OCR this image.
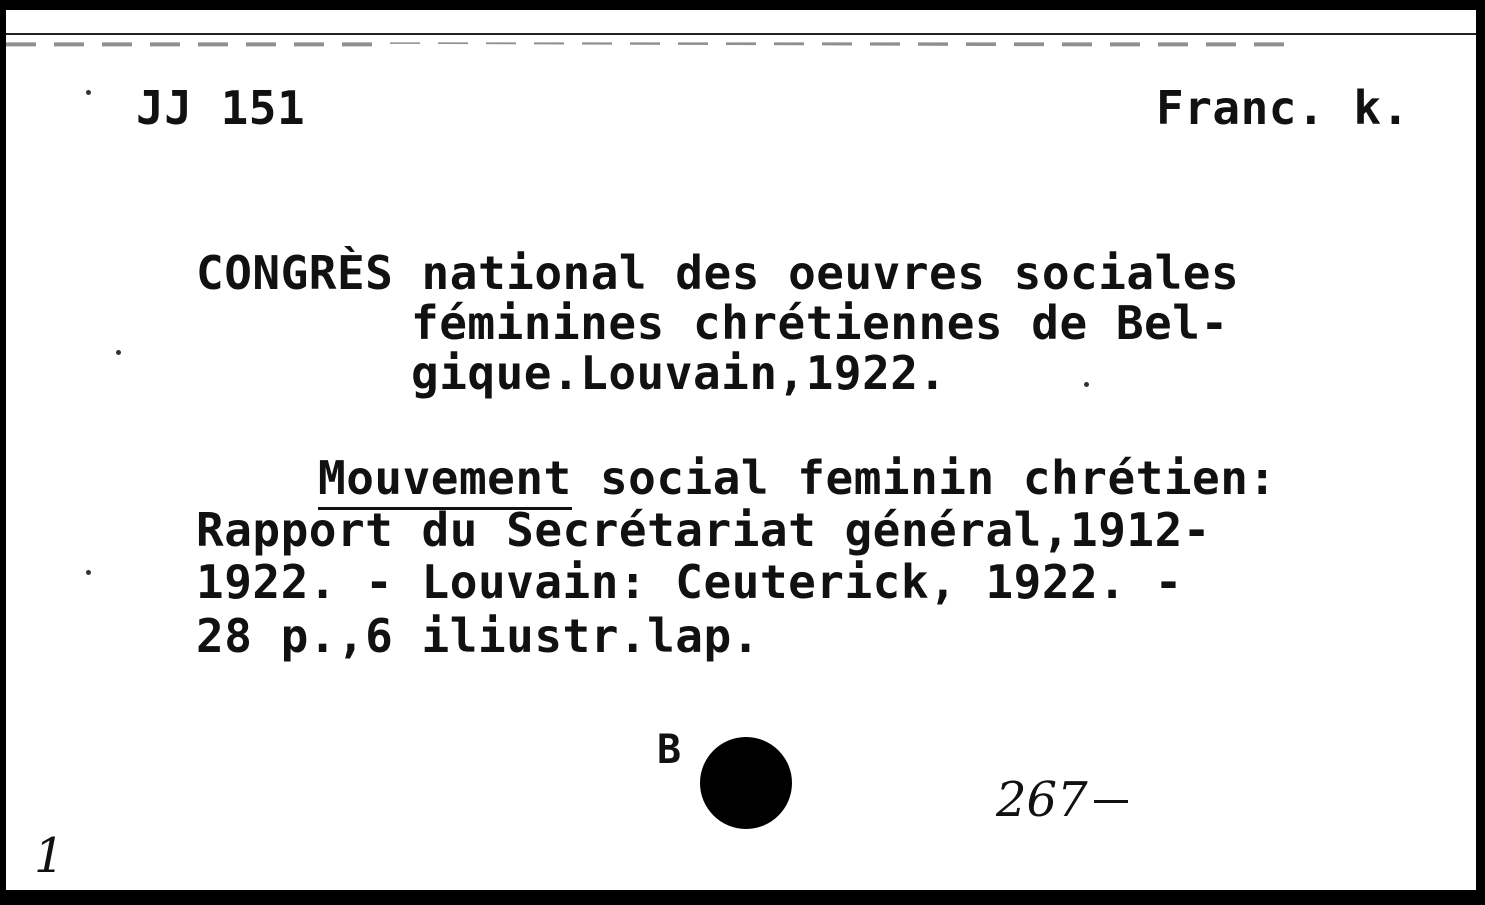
JJ 151	Franc. k.
CONGRÈS national des oeuvres sociales
féminines chrétiennes de Bel-
gique.Louvain,1922.
Mouvement social feminin chrétien:
Rapport du Secrétariat général,1912-
1922. - Louvain: Ceuterick, 1922. -
28 p.,6 iliustr.lap.
B
267
1
